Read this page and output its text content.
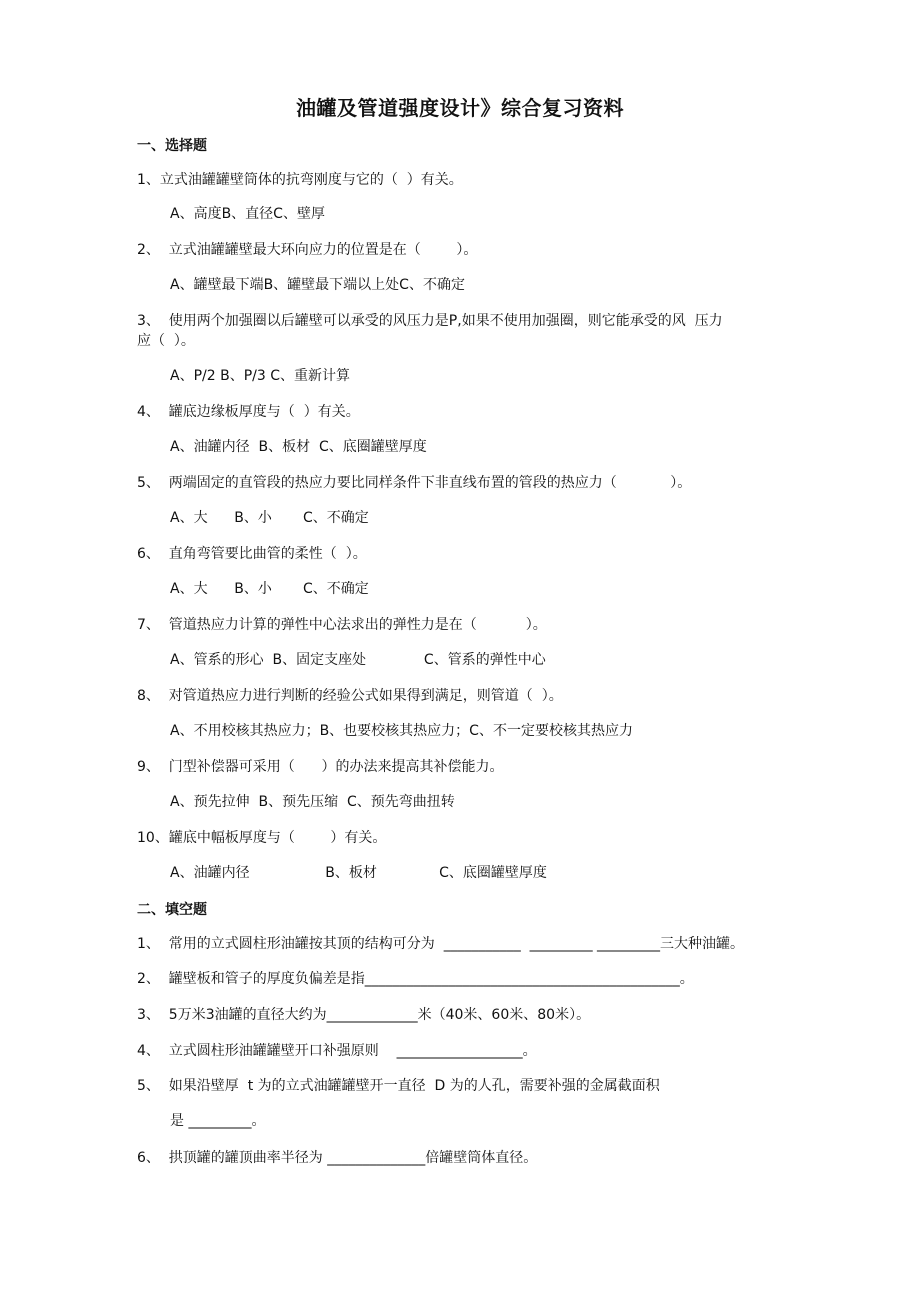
油罐及管道强度设计》综合复习资料
一、选择题
1、立式油罐罐壁筒体的抗弯刚度与它的（  ）有关。
A、高度B、直径C、壁厚
2、  立式油罐罐壁最大环向应力的位置是在（        ）。
A、罐壁最下端B、罐壁最下端以上处C、不确定
3、  使用两个加强圈以后罐壁可以承受的风压力是P,如果不使用加强圈，则它能承受的风  压力
应（  ）。
A、P/2 B、P/3 C、重新计算
4、  罐底边缘板厚度与（  ）有关。
A、油罐内径  B、板材  C、底圈罐壁厚度
5、  两端固定的直管段的热应力要比同样条件下非直线布置的管段的热应力（            ）。
A、大      B、小       C、不确定
6、  直角弯管要比曲管的柔性（  ）。
A、大      B、小       C、不确定
7、  管道热应力计算的弹性中心法求出的弹性力是在（           ）。
A、管系的形心  B、固定支座处             C、管系的弹性中心
8、  对管道热应力进行判断的经验公式如果得到满足，则管道（  ）。
A、不用校核其热应力；B、也要校核其热应力；C、不一定要校核其热应力
9、  门型补偿器可采用（      ）的办法来提高其补偿能力。
A、预先拉伸  B、预先压缩  C、预先弯曲扭转
10、罐底中幅板厚度与（        ）有关。
A、油罐内径                 B、板材              C、底圈罐壁厚度
二、填空题
1、  常用的立式圆柱形油罐按其顶的结构可分为  ___________  _________ _________三大种油罐。
2、  罐壁板和管子的厚度负偏差是指_____________________________________________。
3、  5万米3油罐的直径大约为_____________米（40米、60米、80米）。
4、  立式圆柱形油罐罐壁开口补强原则    __________________。
5、  如果沿壁厚  t 为的立式油罐罐壁开一直径  D 为的人孔，需要补强的金属截面积
是 _________。
6、  拱顶罐的罐顶曲率半径为 ______________倍罐壁筒体直径。
